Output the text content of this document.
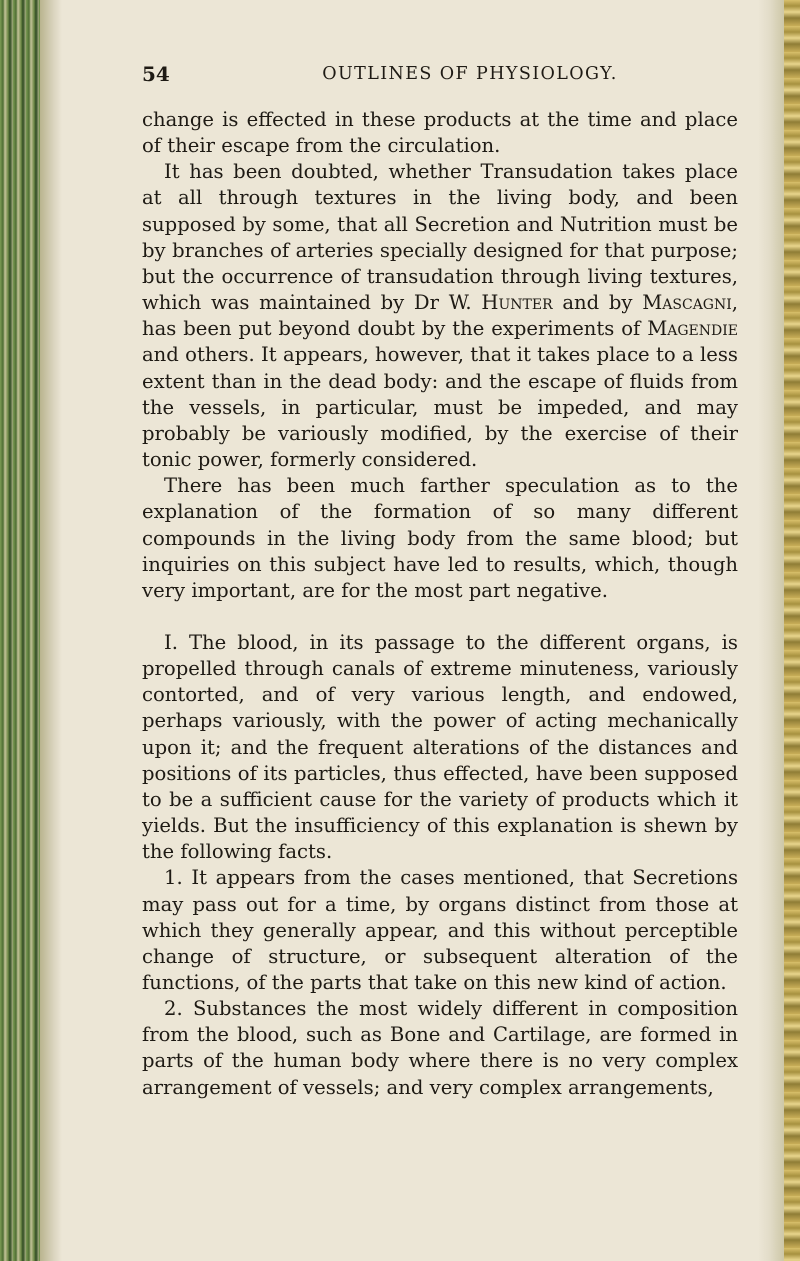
54	OUTLINES OF PHYSIOLOGY.

change is effected in these products at the time and place of their escape from the circulation.

It has been doubted, whether Transudation takes place at all through textures in the living body, and been supposed by some, that all Secretion and Nutrition must be by branches of arteries specially designed for that purpose; but the occurrence of transudation through living textures, which was maintained by Dr W. Hunter and by Mascagni, has been put beyond doubt by the experiments of Magendie and others. It appears, however, that it takes place to a less extent than in the dead body: and the escape of fluids from the vessels, in particular, must be impeded, and may probably be variously modified, by the exercise of their tonic power, formerly considered.

There has been much farther speculation as to the explanation of the formation of so many different compounds in the living body from the same blood; but inquiries on this subject have led to results, which, though very important, are for the most part negative.

I. The blood, in its passage to the different organs, is propelled through canals of extreme minuteness, variously contorted, and of very various length, and endowed, perhaps variously, with the power of acting mechanically upon it; and the frequent alterations of the distances and positions of its particles, thus effected, have been supposed to be a sufficient cause for the variety of products which it yields. But the insufficiency of this explanation is shewn by the following facts.

1. It appears from the cases mentioned, that Secretions may pass out for a time, by organs distinct from those at which they generally appear, and this without perceptible change of structure, or subsequent alteration of the functions, of the parts that take on this new kind of action.

2. Substances the most widely different in composition from the blood, such as Bone and Cartilage, are formed in parts of the human body where there is no very complex arrangement of vessels; and very complex arrangements,
